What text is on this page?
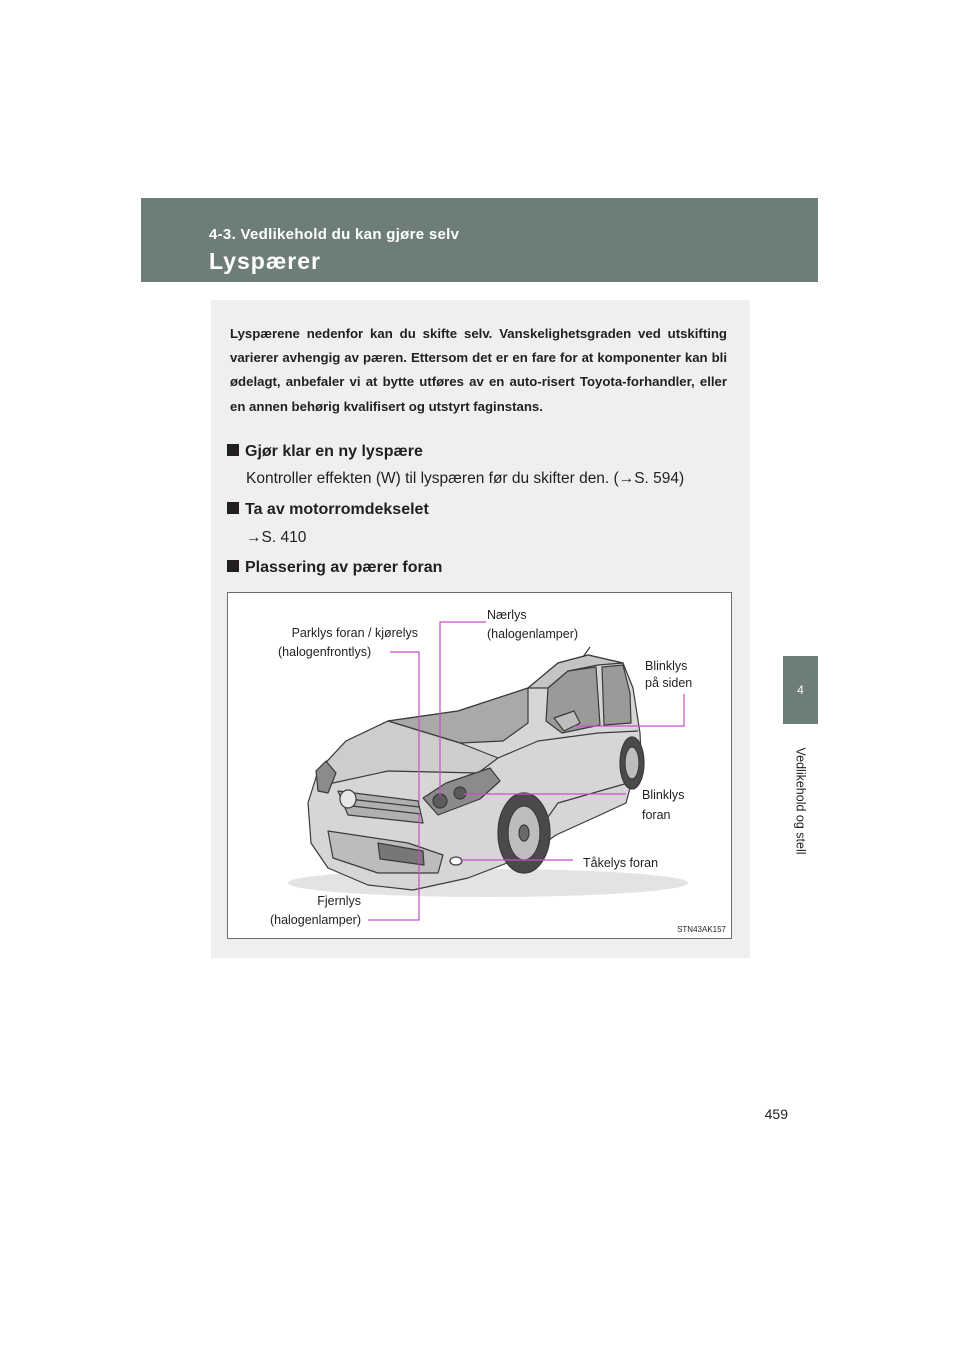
4-3. Vedlikehold du kan gjøre selv
Lyspærer
4
Vedlikehold og stell
Lyspærene nedenfor kan du skifte selv. Vanskelighetsgraden ved utskifting varierer avhengig av pæren. Ettersom det er en fare for at komponenter kan bli ødelagt, anbefaler vi at bytte utføres av en auto-risert Toyota-forhandler, eller en annen behørig kvalifisert og utstyrt faginstans.
Gjør klar en ny lyspære
Kontroller effekten (W) til lyspæren før du skifter den. (→S. 594)
Ta av motorromdekselet
→S. 410
Plassering av pærer foran
Nærlys
(halogenlamper)
Parklys foran / kjørelys
(halogenfrontlys)
Blinklys
på siden
Blinklys
foran
Tåkelys foran
Fjernlys
(halogenlamper)
STN43AK157
459
